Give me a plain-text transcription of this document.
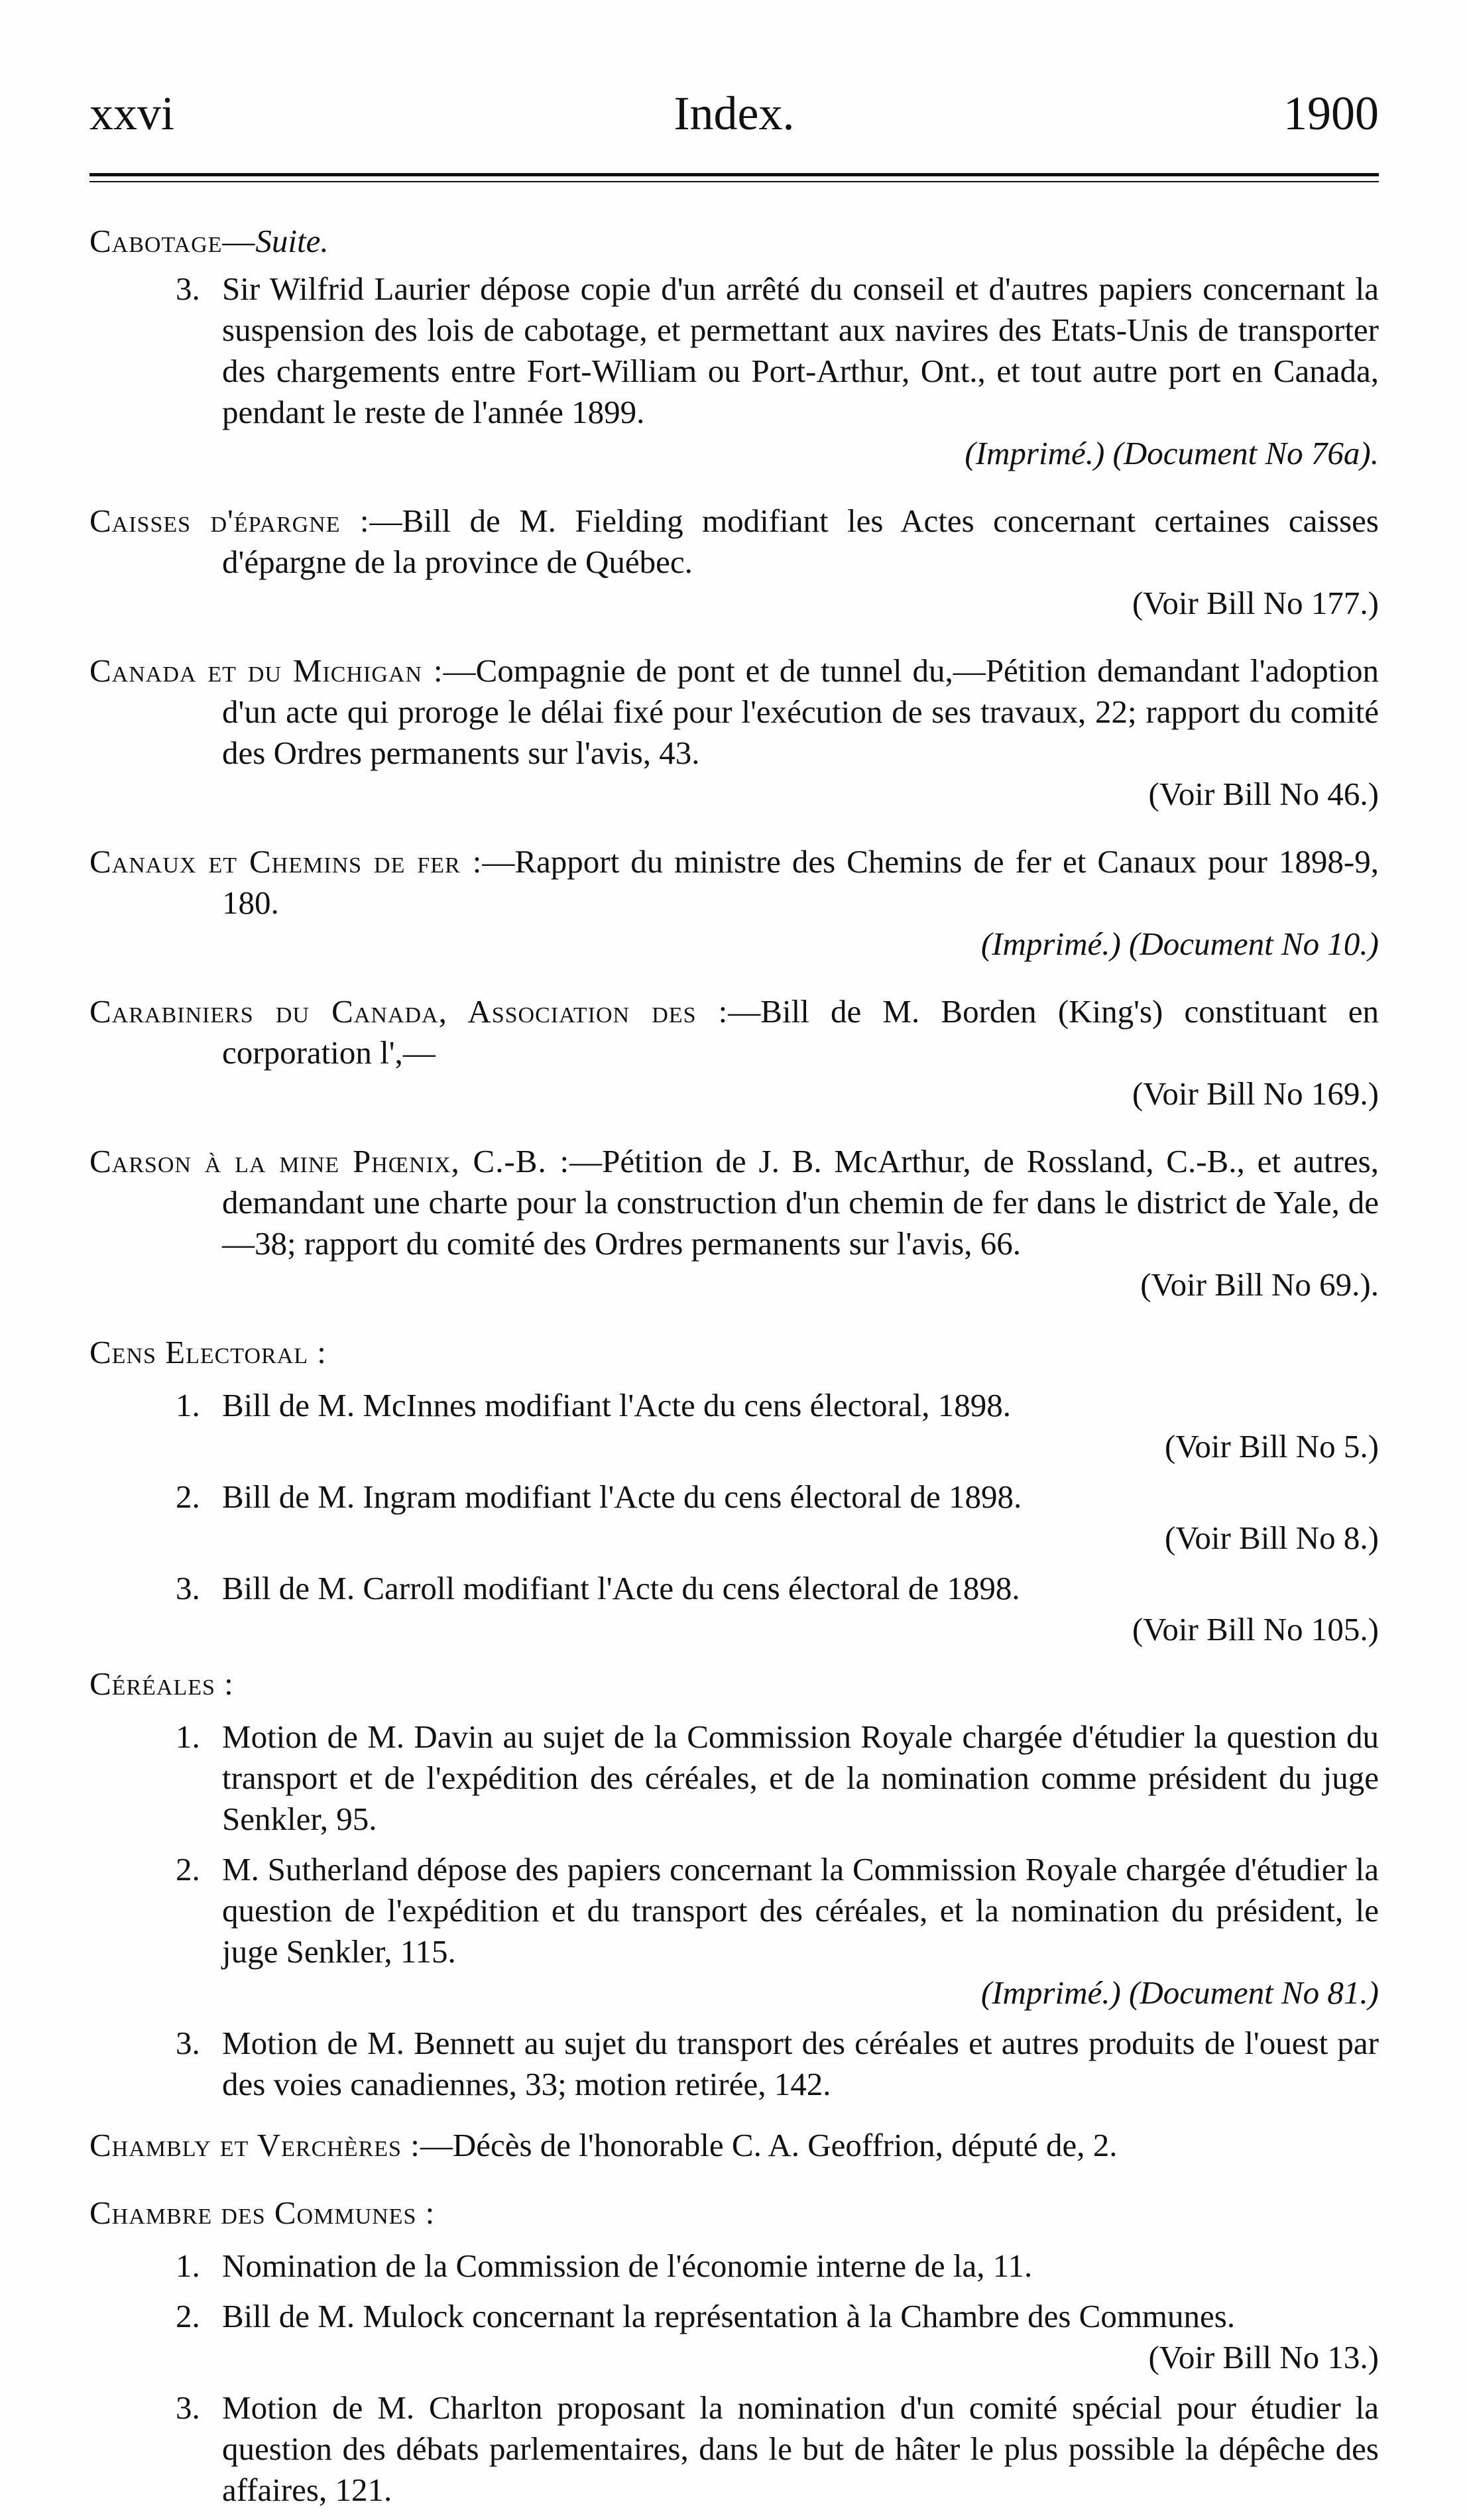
xxvi	Index.	1900
Cabotage—Suite.
3. Sir Wilfrid Laurier dépose copie d'un arrêté du conseil et d'autres papiers concernant la suspension des lois de cabotage, et permettant aux navires des Etats-Unis de transporter des chargements entre Fort-William ou Port-Arthur, Ont., et tout autre port en Canada, pendant le reste de l'année 1899.
(Imprimé.) (Document No 76a).
Caisses d'épargne :—Bill de M. Fielding modifiant les Actes concernant certaines caisses d'épargne de la province de Québec.
(Voir Bill No 177.)
Canada et du Michigan :—Compagnie de pont et de tunnel du,—Pétition demandant l'adoption d'un acte qui proroge le délai fixé pour l'exécution de ses travaux, 22; rapport du comité des Ordres permanents sur l'avis, 43.
(Voir Bill No 46.)
Canaux et Chemins de fer :—Rapport du ministre des Chemins de fer et Canaux pour 1898-9, 180.
(Imprimé.) (Document No 10.)
Carabiniers du Canada, Association des :—Bill de M. Borden (King's) constituant en corporation l',—
(Voir Bill No 169.)
Carson à la mine Phœnix, C.-B. :—Pétition de J. B. McArthur, de Rossland, C.-B., et autres, demandant une charte pour la construction d'un chemin de fer dans le district de Yale, de—38; rapport du comité des Ordres permanents sur l'avis, 66.
(Voir Bill No 69.).
Cens Electoral :
1. Bill de M. McInnes modifiant l'Acte du cens électoral, 1898.
(Voir Bill No 5.)
2. Bill de M. Ingram modifiant l'Acte du cens électoral de 1898.
(Voir Bill No 8.)
3. Bill de M. Carroll modifiant l'Acte du cens électoral de 1898.
(Voir Bill No 105.)
Céréales :
1. Motion de M. Davin au sujet de la Commission Royale chargée d'étudier la question du transport et de l'expédition des céréales, et de la nomination comme président du juge Senkler, 95.
2. M. Sutherland dépose des papiers concernant la Commission Royale chargée d'étudier la question de l'expédition et du transport des céréales, et la nomination du président, le juge Senkler, 115.
(Imprimé.) (Document No 81.)
3. Motion de M. Bennett au sujet du transport des céréales et autres produits de l'ouest par des voies canadiennes, 33; motion retirée, 142.
Chambly et Verchères :—Décès de l'honorable C. A. Geoffrion, député de, 2.
Chambre des Communes :
1. Nomination de la Commission de l'économie interne de la, 11.
2. Bill de M. Mulock concernant la représentation à la Chambre des Communes.
(Voir Bill No 13.)
3. Motion de M. Charlton proposant la nomination d'un comité spécial pour étudier la question des débats parlementaires, dans le but de hâter le plus possible la dépêche des affaires, 121.
